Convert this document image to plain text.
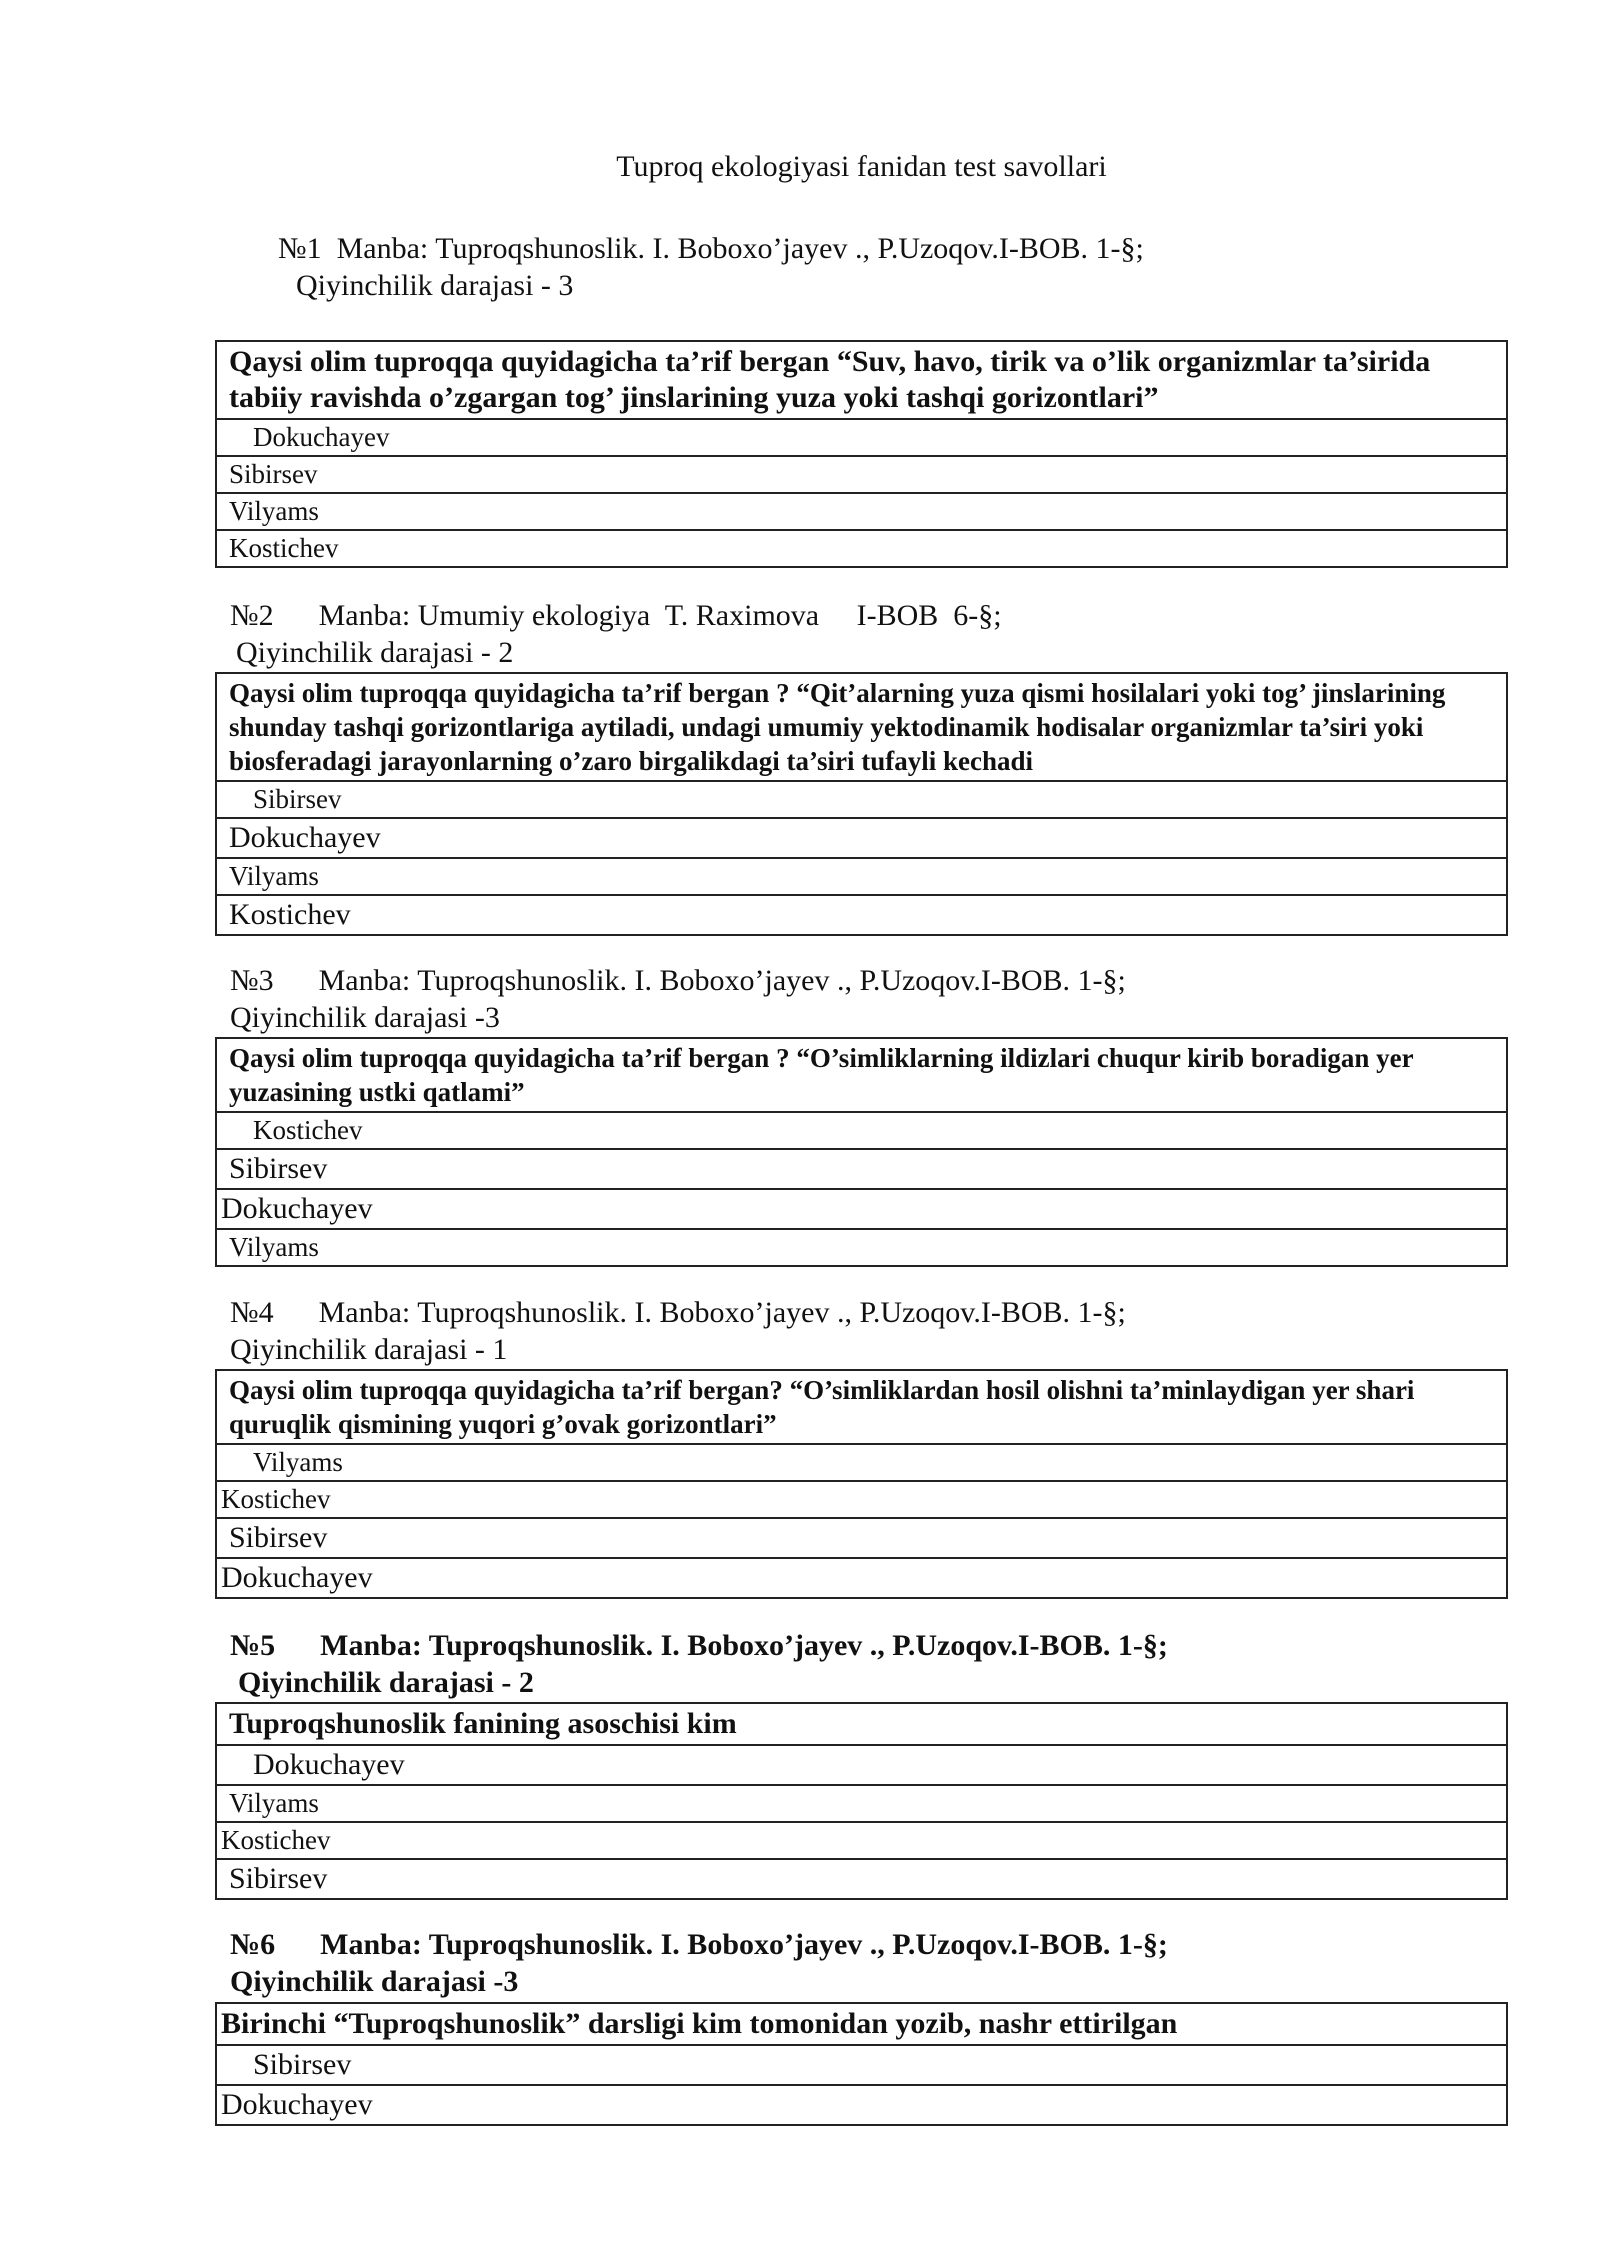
Tuproq ekologiyasi fanidan test savollari
№1 Manba: Tuproqshunoslik. I. Boboxo’jayev ., P.Uzoqov.I-BOB. 1-§;
Qiyinchilik darajasi - 3
Qaysi olim tuproqqa quyidagicha ta’rif bergan “Suv, havo, tirik va o’lik organizmlar ta’sirida tabiiy ravishda o’zgargan tog’ jinslarining yuza yoki tashqi gorizontlari”
Dokuchayev
Sibirsev
Vilyams
Kostichev
№2 Manba: Umumiy ekologiya  T. Raximova     I-BOB  6-§;
Qiyinchilik darajasi - 2
Qaysi olim tuproqqa quyidagicha ta’rif bergan ? “Qit’alarning yuza qismi hosilalari yoki tog’ jinslarining shunday tashqi gorizontlariga aytiladi, undagi umumiy yektodinamik hodisalar organizmlar ta’siri yoki biosferadagi jarayonlarning o’zaro birgalikdagi ta’siri tufayli kechadi
Sibirsev
Dokuchayev
Vilyams
Kostichev
№3 Manba: Tuproqshunoslik. I. Boboxo’jayev ., P.Uzoqov.I-BOB. 1-§;
Qiyinchilik darajasi -3
Qaysi olim tuproqqa quyidagicha ta’rif bergan ? “O’simliklarning ildizlari chuqur kirib boradigan yer yuzasining ustki qatlami”
Kostichev
Sibirsev
Dokuchayev
Vilyams
№4 Manba: Tuproqshunoslik. I. Boboxo’jayev ., P.Uzoqov.I-BOB. 1-§;
Qiyinchilik darajasi - 1
Qaysi olim tuproqqa quyidagicha ta’rif bergan? “O’simliklardan hosil olishni ta’minlaydigan yer shari quruqlik qismining yuqori g’ovak gorizontlari”
Vilyams
Kostichev
Sibirsev
Dokuchayev
№5 Manba: Tuproqshunoslik. I. Boboxo’jayev ., P.Uzoqov.I-BOB. 1-§;
Qiyinchilik darajasi - 2
Tuproqshunoslik fanining asoschisi kim
Dokuchayev
Vilyams
Kostichev
Sibirsev
№6 Manba: Tuproqshunoslik. I. Boboxo’jayev ., P.Uzoqov.I-BOB. 1-§;
Qiyinchilik darajasi -3
Birinchi “Tuproqshunoslik” darsligi kim tomonidan yozib, nashr ettirilgan
Sibirsev
Dokuchayev
